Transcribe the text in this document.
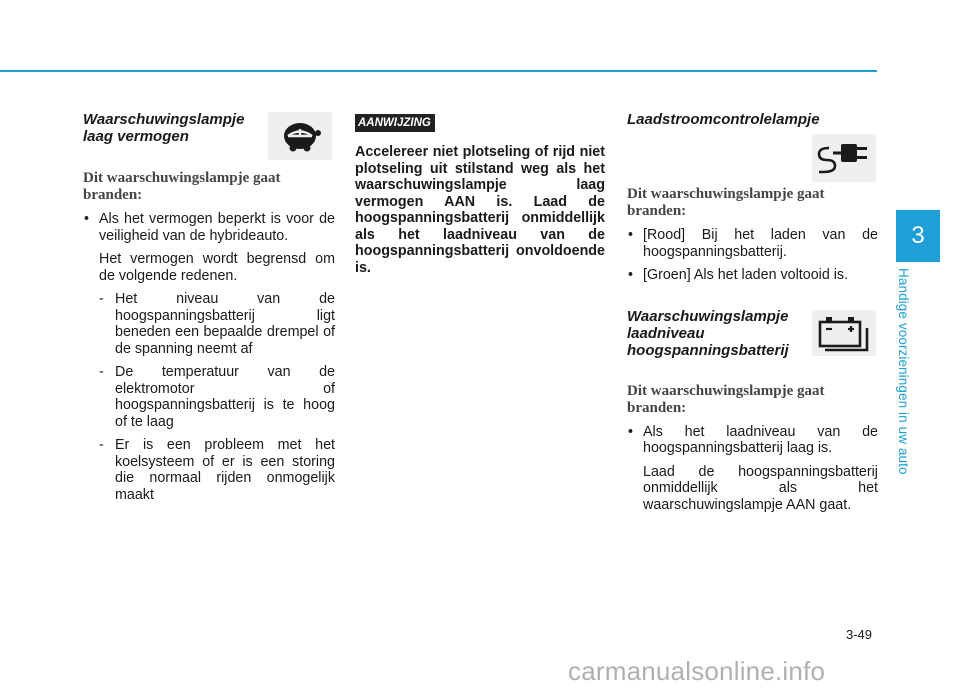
3
Handige voorzieningen in uw auto

Waarschuwingslampje
laag vermogen

Dit waarschuwingslampje gaat branden:

• Als het vermogen beperkt is voor de veiligheid van de hybrideauto.

Het vermogen wordt begrensd om de volgende redenen.

- Het niveau van de hoogspanningsbatterij ligt beneden een bepaalde drempel of de spanning neemt af

- De temperatuur van de elektromotor of hoogspanningsbatterij is te hoog of te laag

- Er is een probleem met het koelsysteem of er is een storing die normaal rijden onmogelijk maakt

AANWIJZING

Accelereer niet plotseling of rijd niet plotseling uit stilstand weg als het waarschuwingslampje laag vermogen AAN is. Laad de hoogspanningsbatterij onmiddellijk als het laadniveau van de hoogspanningsbatterij onvoldoende is.

Laadstroomcontrolelampje

Dit waarschuwingslampje gaat branden:

• [Rood] Bij het laden van de hoogspanningsbatterij.

• [Groen] Als het laden voltooid is.

Waarschuwingslampje
laadniveau
hoogspanningsbatterij

Dit waarschuwingslampje gaat branden:

• Als het laadniveau van de hoogspanningsbatterij laag is.

Laad de hoogspanningsbatterij onmiddellijk als het waarschuwingslampje AAN gaat.

3-49
carmanualsonline.info
